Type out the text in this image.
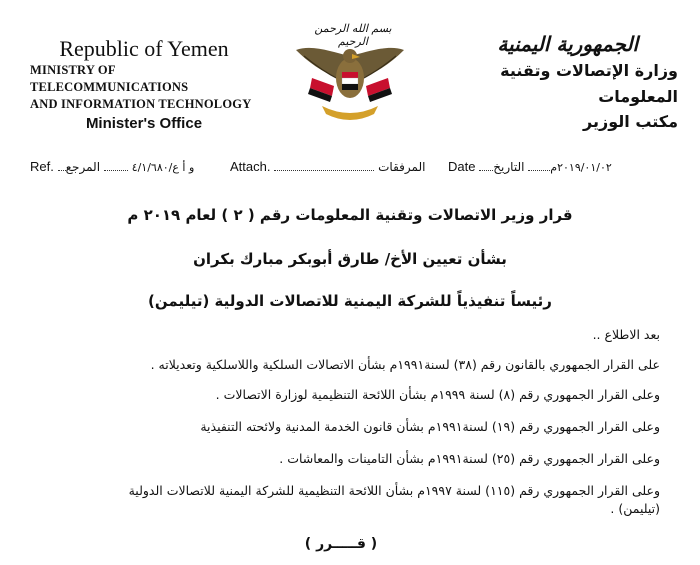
Republic of Yemen
MINISTRY OF TELECOMMUNICATIONS
AND INFORMATION TECHNOLOGY
Minister's Office
بسم الله الرحمن الرحيم	الجمهورية اليمنية
وزارة الإتصالات وتقنية المعلومات
مكتب الوزير
Ref.	و أ ع/٤/١/٦٨٠  المرجع	Attach.	المرفقات Date	٢٠١٩/٠١/٠٢م التاريخ
قرار وزير الاتصالات وتقنية المعلومات رقم ( ٢ ) لعام ٢٠١٩ م
بشأن تعيين الأخ/ طارق أبوبكر مبارك بكران
رئيساً تنفيذياً للشركة اليمنية للاتصالات الدولية (تيليمن)
بعد الاطلاع ..
على القرار الجمهوري بالقانون رقم (٣٨) لسنة١٩٩١م بشأن الاتصالات السلكية واللاسلكية وتعديلاته .
وعلى القرار الجمهوري رقم (٨) لسنة ١٩٩٩م بشأن اللائحة التنظيمية لوزارة الاتصالات .
وعلى القرار الجمهوري رقم (١٩) لسنة١٩٩١م بشأن قانون الخدمة المدنية ولائحته التنفيذية
وعلى القرار الجمهوري رقم (٢٥) لسنة١٩٩١م بشأن التامينات والمعاشات .
وعلى القرار الجمهوري رقم (١١٥) لسنة ١٩٩٧م بشأن اللائحة التنظيمية للشركة اليمنية للاتصالات الدولية
(تيليمن) .
( قـــــرر )
